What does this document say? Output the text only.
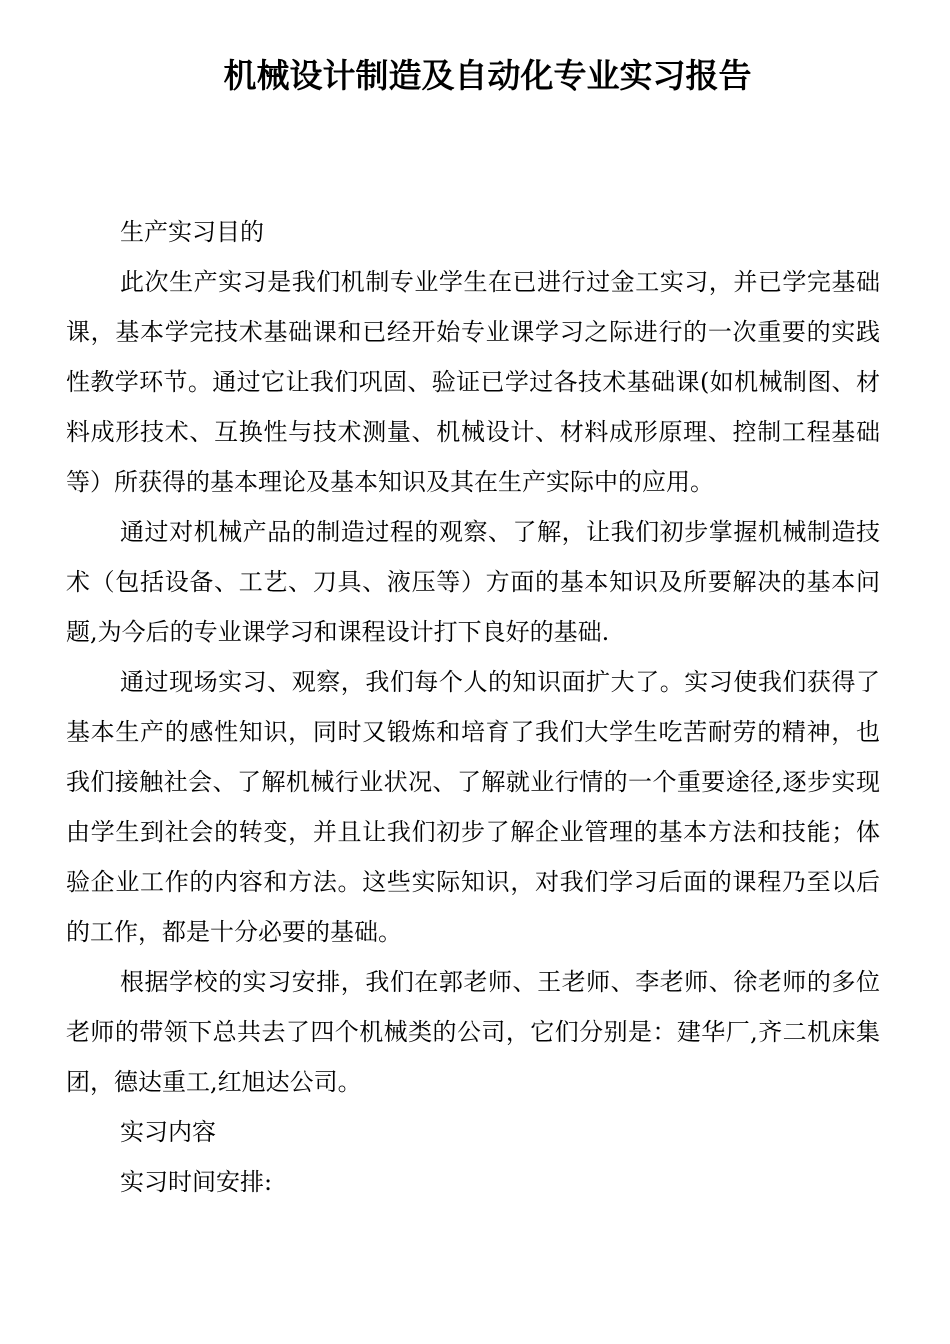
机械设计制造及自动化专业实习报告

生产实习目的

此次生产实习是我们机制专业学生在已进行过金工实习，并已学完基础课，基本学完技术基础课和已经开始专业课学习之际进行的一次重要的实践性教学环节。通过它让我们巩固、验证已学过各技术基础课(如机械制图、材料成形技术、互换性与技术测量、机械设计、材料成形原理、控制工程基础等）所获得的基本理论及基本知识及其在生产实际中的应用。

通过对机械产品的制造过程的观察、了解，让我们初步掌握机械制造技术（包括设备、工艺、刀具、液压等）方面的基本知识及所要解决的基本问题,为今后的专业课学习和课程设计打下良好的基础.

通过现场实习、观察，我们每个人的知识面扩大了。实习使我们获得了基本生产的感性知识，同时又锻炼和培育了我们大学生吃苦耐劳的精神，也我们接触社会、了解机械行业状况、了解就业行情的一个重要途径,逐步实现由学生到社会的转变，并且让我们初步了解企业管理的基本方法和技能；体验企业工作的内容和方法。这些实际知识，对我们学习后面的课程乃至以后的工作，都是十分必要的基础。

根据学校的实习安排，我们在郭老师、王老师、李老师、徐老师的多位老师的带领下总共去了四个机械类的公司，它们分别是：建华厂,齐二机床集团，德达重工,红旭达公司。

实习内容

实习时间安排:
